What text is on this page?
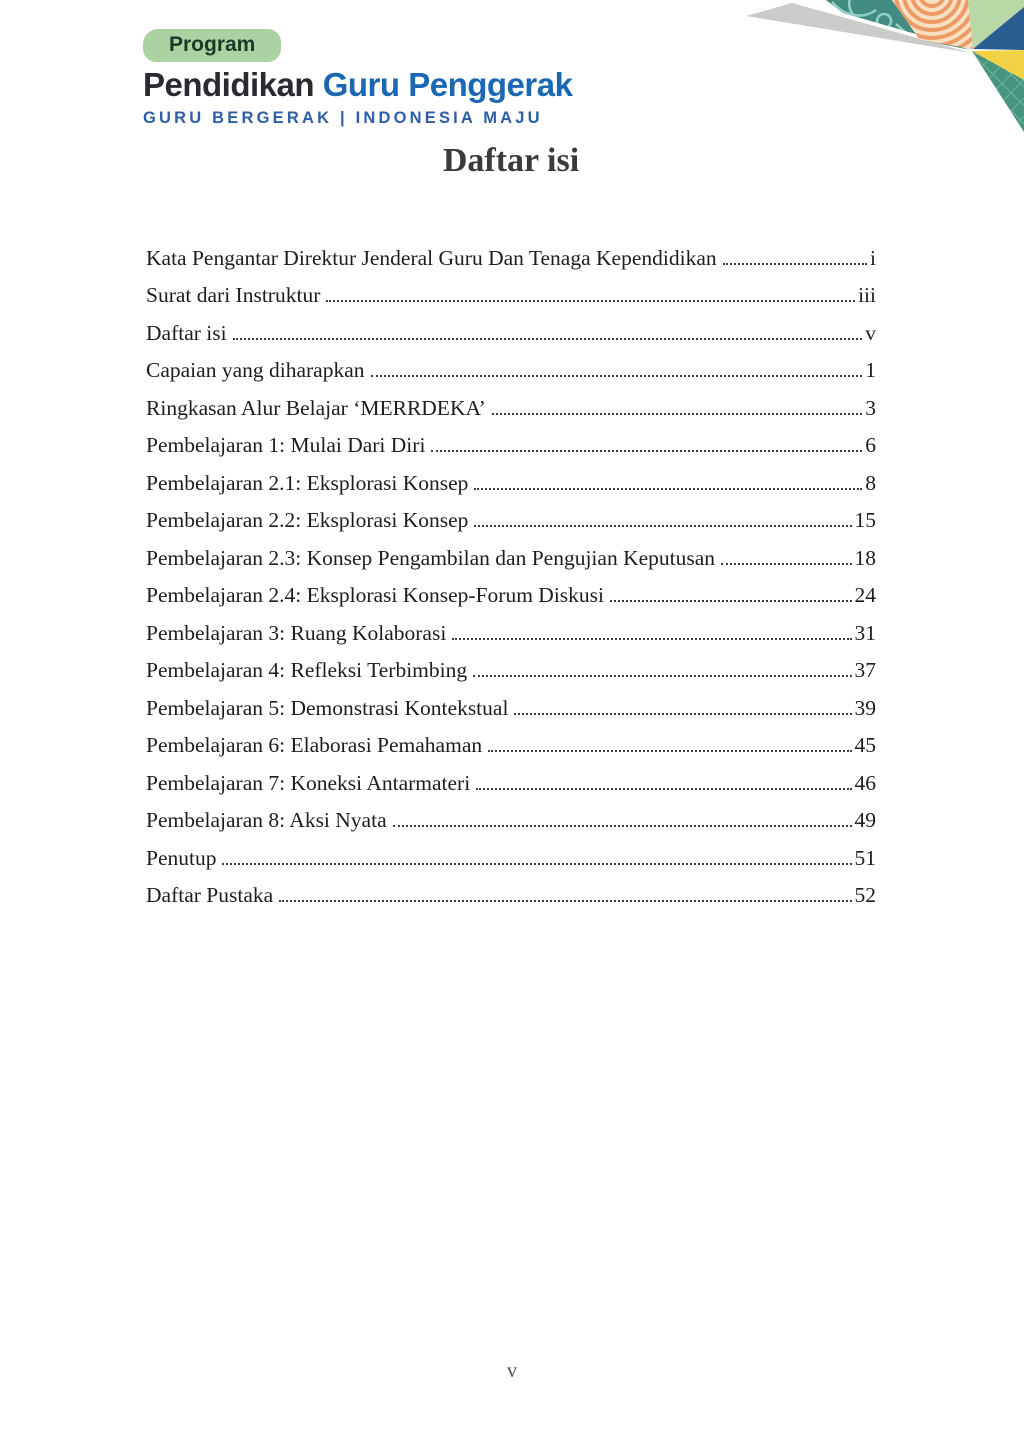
Program
Pendidikan Guru Penggerak
GURU BERGERAK | INDONESIA MAJU
Daftar isi
Kata Pengantar Direktur Jenderal Guru Dan Tenaga Kependidikan	i
Surat dari Instruktur	iii
Daftar isi	v
Capaian yang diharapkan	1
Ringkasan Alur Belajar ‘MERRDEKA’	3
Pembelajaran 1: Mulai Dari Diri	6
Pembelajaran 2.1: Eksplorasi Konsep	8
Pembelajaran 2.2: Eksplorasi Konsep	15
Pembelajaran 2.3: Konsep Pengambilan dan Pengujian Keputusan	18
Pembelajaran 2.4: Eksplorasi Konsep-Forum Diskusi	24
Pembelajaran 3: Ruang Kolaborasi	31
Pembelajaran 4: Refleksi Terbimbing	37
Pembelajaran 5: Demonstrasi Kontekstual	39
Pembelajaran 6: Elaborasi Pemahaman	45
Pembelajaran 7: Koneksi Antarmateri	46
Pembelajaran 8: Aksi Nyata	49
Penutup	51
Daftar Pustaka	52
v
